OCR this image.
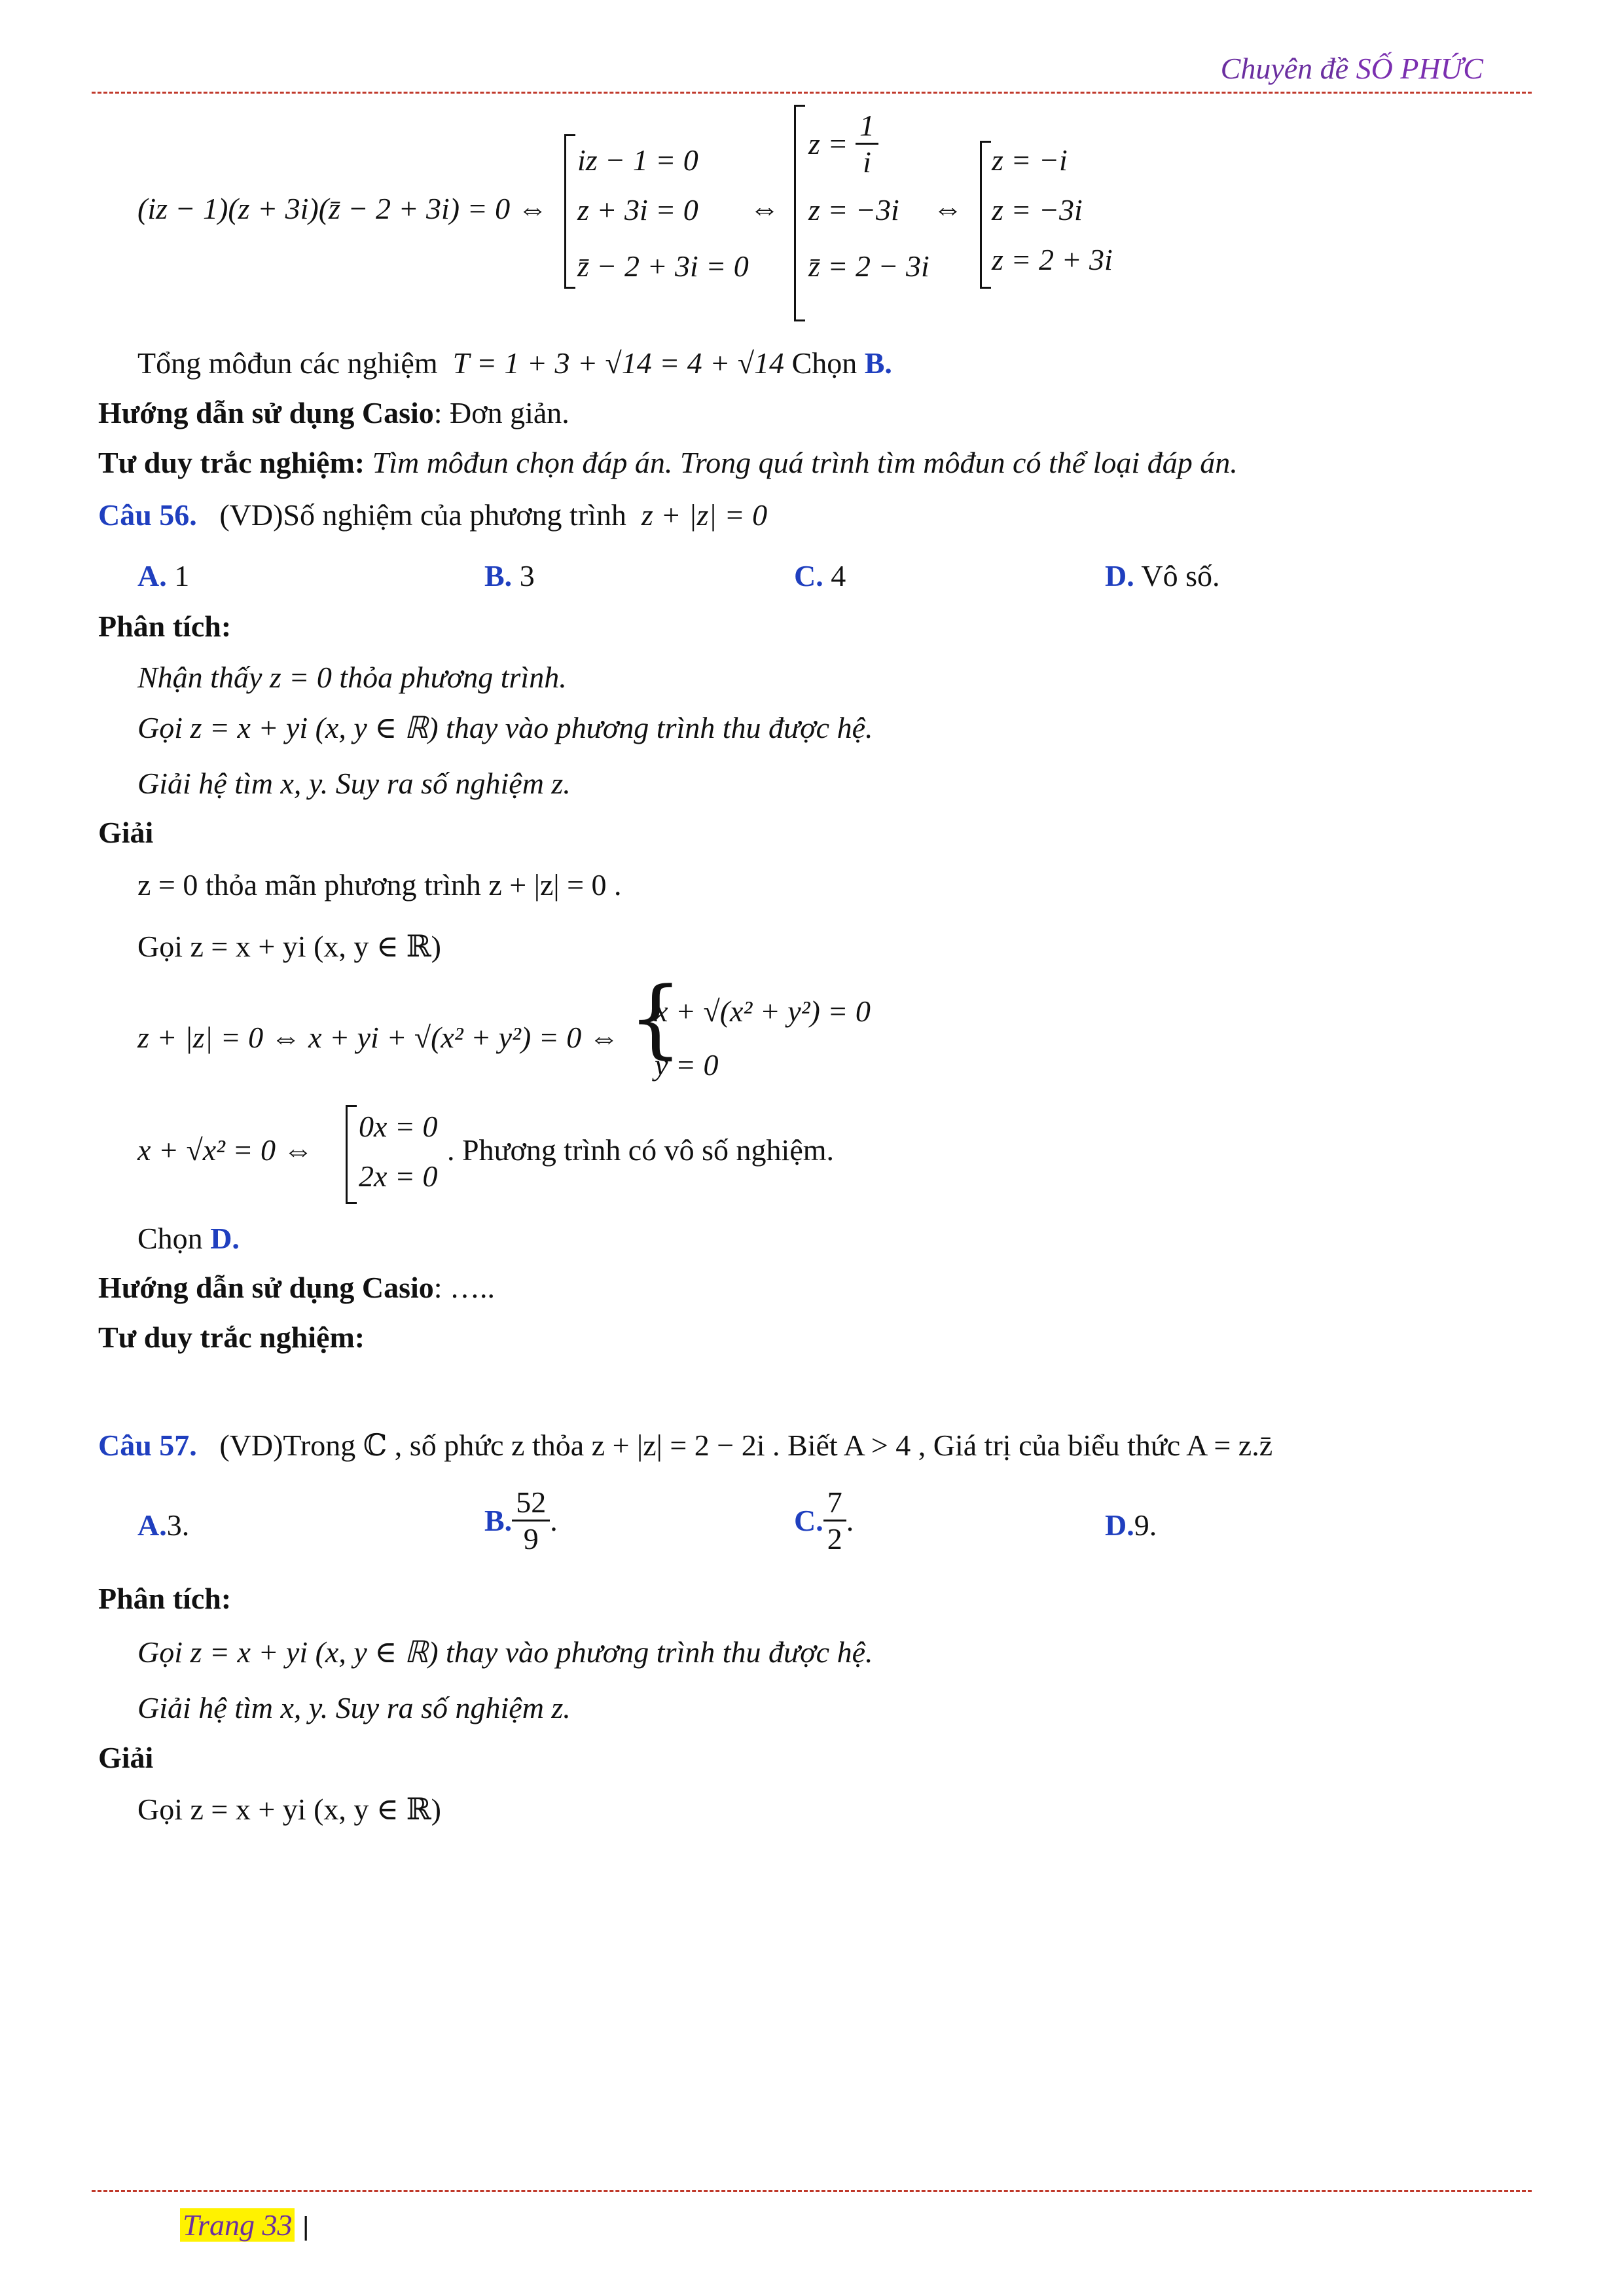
Chuyên đề SỐ PHỨC
(iz − 1)(z + 3i)(z̄ − 2 + 3i) = 0 ⇔
iz − 1 = 0
z + 3i = 0
z̄ − 2 + 3i = 0
⇔
$z = \frac{1}{i}$
z = −3i
z̄ = 2 − 3i
⇔
z = −i
z = −3i
z = 2 + 3i
Tổng môđun các nghiệm T = 1 + 3 + √14 = 4 + √14 Chọn B.
Hướng dẫn sử dụng Casio: Đơn giản.
Tư duy trắc nghiệm: Tìm môđun chọn đáp án. Trong quá trình tìm môđun có thể loại đáp án.
Câu 56. (VD)Số nghiệm của phương trình z + |z| = 0
A. 1	B. 3	C. 4	D. Vô số.
Phân tích:
Nhận thấy z = 0 thỏa phương trình.
Gọi z = x + yi (x, y ∈ ℝ) thay vào phương trình thu được hệ.
Giải hệ tìm x, y. Suy ra số nghiệm z.
Giải
z = 0 thỏa mãn phương trình z + |z| = 0 .
Gọi z = x + yi (x, y ∈ ℝ)
z + |z| = 0 ⇔ x + yi + √(x² + y²) = 0 ⇔ {
x + √(x² + y²) = 0
y = 0
x + √x² = 0 ⇔
0x = 0
2x = 0
. Phương trình có vô số nghiệm.
Chọn D.
Hướng dẫn sử dụng Casio: …..
Tư duy trắc nghiệm:
Câu 57. (VD)Trong ℂ , số phức z thỏa z + |z| = 2 − 2i . Biết A > 4 , Giá trị của biểu thức A = z.z̄
A.3.	B. $\frac{52}{9}$ .	C. $\frac{7}{2}$ .	D.9.
Phân tích:
Gọi z = x + yi (x, y ∈ ℝ) thay vào phương trình thu được hệ.
Giải hệ tìm x, y. Suy ra số nghiệm z.
Giải
Gọi z = x + yi (x, y ∈ ℝ)
Trang 33 |
